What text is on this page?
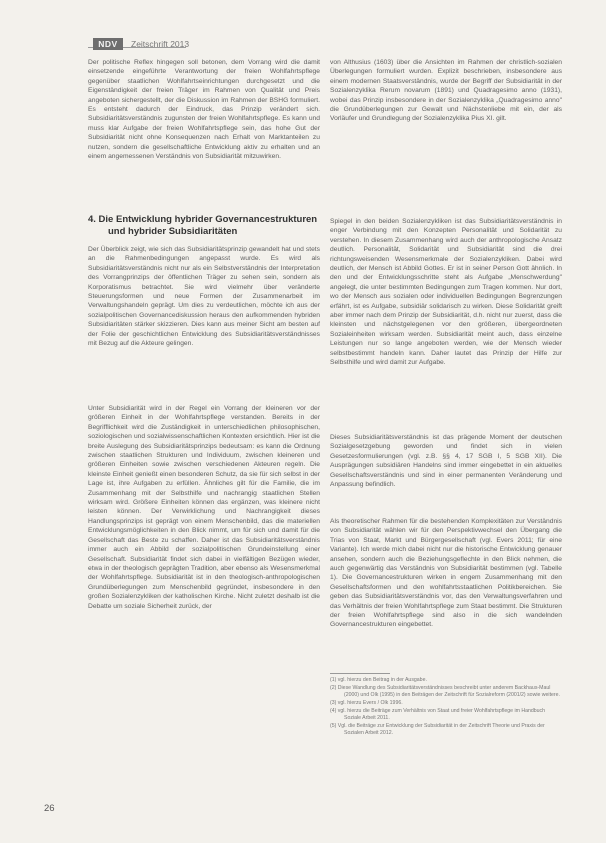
NDV	Zeitschrift 2013

Der politische Reflex hingegen soll betonen, dem Vorrang wird die damit einsetzende eingeführte Verantwortung der freien Wohlfahrtspflege gegenüber staatlichen Wohlfahrtseinrichtungen durchgesetzt und die Eigenständigkeit der freien Träger im Rahmen von Qualität und Preis angeboten sichergestellt, der die Diskussion im Rahmen der BSHG formuliert. Es entsteht dadurch der Eindruck, das Prinzip verändert sich. Subsidiaritätsverständnis zugunsten der freien Wohlfahrtspflege. Es kann und muss klar Aufgabe der freien Wohlfahrtspflege sein, das hohe Gut der Subsidiarität nicht ohne Konsequenzen nach Erhalt von Marktanteilen zu nutzen, sondern die gesellschaftliche Entwicklung aktiv zu erhalten und an einem angemessenen Verständnis von Subsidiarität mitzuwirken.

4. Die Entwicklung hybrider Governancestrukturen und hybrider Subsidiaritäten

Der Überblick zeigt, wie sich das Subsidiaritätsprinzip gewandelt hat und stets an die Rahmenbedingungen angepasst wurde. Es wird als Subsidiaritätsverständnis nicht nur als ein Selbstverständnis der Interpretation des Vorrangprinzips der öffentlichen Träger zu sehen sein, sondern als Korporatismus betrachtet. Sie wird vielmehr über veränderte Steuerungsformen und neue Formen der Zusammenarbeit im Verwaltungshandeln geprägt. Um dies zu verdeutlichen, möchte ich aus der sozialpolitischen Governancediskussion heraus den aufkommenden hybriden Subsidiaritäten stärker skizzieren. Dies kann aus meiner Sicht am besten auf der Folie der geschichtlichen Entwicklung des Subsidiaritätsverständnisses mit Bezug auf die Akteure gelingen.

Unter Subsidiarität wird in der Regel ein Vorrang der kleineren vor der größeren Einheit in der Wohlfahrtspflege verstanden. Bereits in der Begrifflichkeit wird die Zuständigkeit in unterschiedlichen philosophischen, soziologischen und sozialwissenschaftlichen Kontexten ersichtlich. Hier ist die breite Auslegung des Subsidiaritätsprinzips bedeutsam: es kann die Ordnung zwischen staatlichen Strukturen und Individuum, zwischen kleineren und größeren Einheiten sowie zwischen verschiedenen Akteuren regeln. Die kleinste Einheit genießt einen besonderen Schutz, da sie für sich selbst in der Lage ist, ihre Aufgaben zu erfüllen. Ähnliches gilt für die Familie, die im Zusammenhang mit der Selbsthilfe und nachrangig staatlichen Stellen wirksam wird. Größere Einheiten können das ergänzen, was kleinere nicht leisten können. Der Verwirklichung und Nachrangigkeit dieses Handlungsprinzips ist geprägt von einem Menschenbild, das die materiellen Entwicklungsmöglichkeiten in den Blick nimmt, um für sich und damit für die Gesellschaft das Beste zu schaffen. Daher ist das Subsidiaritätsverständnis immer auch ein Abbild der sozialpolitischen Grundeinstellung einer Gesellschaft. Subsidiarität findet sich dabei in vielfältigen Bezügen wieder, etwa in der theologisch geprägten Tradition, aber ebenso als Wesensmerkmal der Wohlfahrtspflege. Subsidiarität ist in den theologisch-anthropologischen Grundüberlegungen zum Menschenbild gegründet, insbesondere in den großen Sozialenzykliken der katholischen Kirche. Nicht zuletzt deshalb ist die Debatte um soziale Sicherheit zurück, der

von Althusius (1603) über die Ansichten im Rahmen der christlich-sozialen Überlegungen formuliert wurden. Explizit beschrieben, insbesondere aus einem modernen Staatsverständnis, wurde der Begriff der Subsidiarität in der Sozialenzyklika Rerum novarum (1891) und Quadragesimo anno (1931), wobei das Prinzip insbesondere in der Sozialenzyklika „Quadragesimo anno" die Grundüberlegungen zur Gewalt und Nächstenliebe mit ein, der als Vorläufer und Grundlegung der Sozialenzyklika Pius XI. gilt.

Spiegel in den beiden Sozialenzykliken ist das Subsidiaritätsverständnis in enger Verbindung mit den Konzepten Personalität und Solidarität zu verstehen. In diesem Zusammenhang wird auch der anthropologische Ansatz deutlich. Personalität, Solidarität und Subsidiarität sind die drei richtungsweisenden Wesensmerkmale der Sozialenzykliken. Dabei wird deutlich, der Mensch ist Abbild Gottes. Er ist in seiner Person Gott ähnlich. In den und der Entwicklungsschritte steht als Aufgabe „Menschwerdung" angelegt, die unter bestimmten Bedingungen zum Tragen kommen. Nur dort, wo der Mensch aus sozialen oder individuellen Bedingungen Begrenzungen erfährt, ist es Aufgabe, subsidiär solidarisch zu wirken. Diese Solidarität greift aber immer nach dem Prinzip der Subsidiarität, d.h. nicht nur zuerst, dass die kleinsten und nächstgelegenen vor den größeren, übergeordneten Sozialeinheiten wirksam werden. Subsidiarität meint auch, dass einzelne Leistungen nur so lange angeboten werden, wie der Mensch wieder selbstbestimmt handeln kann. Daher lautet das Prinzip der Hilfe zur Selbsthilfe und wird damit zur Aufgabe.

Dieses Subsidiaritätsverständnis ist das prägende Moment der deutschen Sozialgesetzgebung geworden und findet sich in vielen Gesetzesformulierungen (vgl. z.B. §§ 4, 17 SGB I, 5 SGB XII). Die Ausprägungen subsidiären Handelns sind immer eingebettet in ein aktuelles Gesellschaftsverständnis und sind in einer permanenten Veränderung und Anpassung befindlich.

Als theoretischer Rahmen für die bestehenden Komplexitäten zur Verständnis von Subsidiarität wählen wir für den Perspektivwechsel den Übergang die Trias von Staat, Markt und Bürgergesellschaft (vgl. Evers 2011; für eine Variante). Ich werde mich dabei nicht nur die historische Entwicklung genauer ansehen, sondern auch die Beziehungsgeflechte in den Blick nehmen, die auch gegenwärtig das Verständnis von Subsidiarität bestimmen (vgl. Tabelle 1). Die Governancestrukturen wirken in engem Zusammenhang mit den Gesellschaftsformen und den wohlfahrtsstaatlichen Politikbereichen. Sie geben das Subsidiaritätsverständnis vor, das den Verwaltungsverfahren und das Verhältnis der freien Wohlfahrtspflege zum Staat bestimmt. Die Strukturen der freien Wohlfahrtspflege sind also in die sich wandelnden Governancestrukturen eingebettet.

(1) vgl. hierzu den Beitrag in der Ausgabe.

(2) Diese Wandlung des Subsidiaritätsverständnisses beschreibt unter anderem Backhaus-Maul (2000) und Olk (1995) in den Beiträgen der Zeitschrift für Sozialreform (2001/2) sowie weitere.

(3) vgl. hierzu Evers / Olk 1996.

(4) vgl. hierzu die Beiträge zum Verhältnis von Staat und freier Wohlfahrtspflege im Handbuch Soziale Arbeit 2011.

(5) Vgl. die Beiträge zur Entwicklung der Subsidiarität in der Zeitschrift Theorie und Praxis der Sozialen Arbeit 2012.

26
